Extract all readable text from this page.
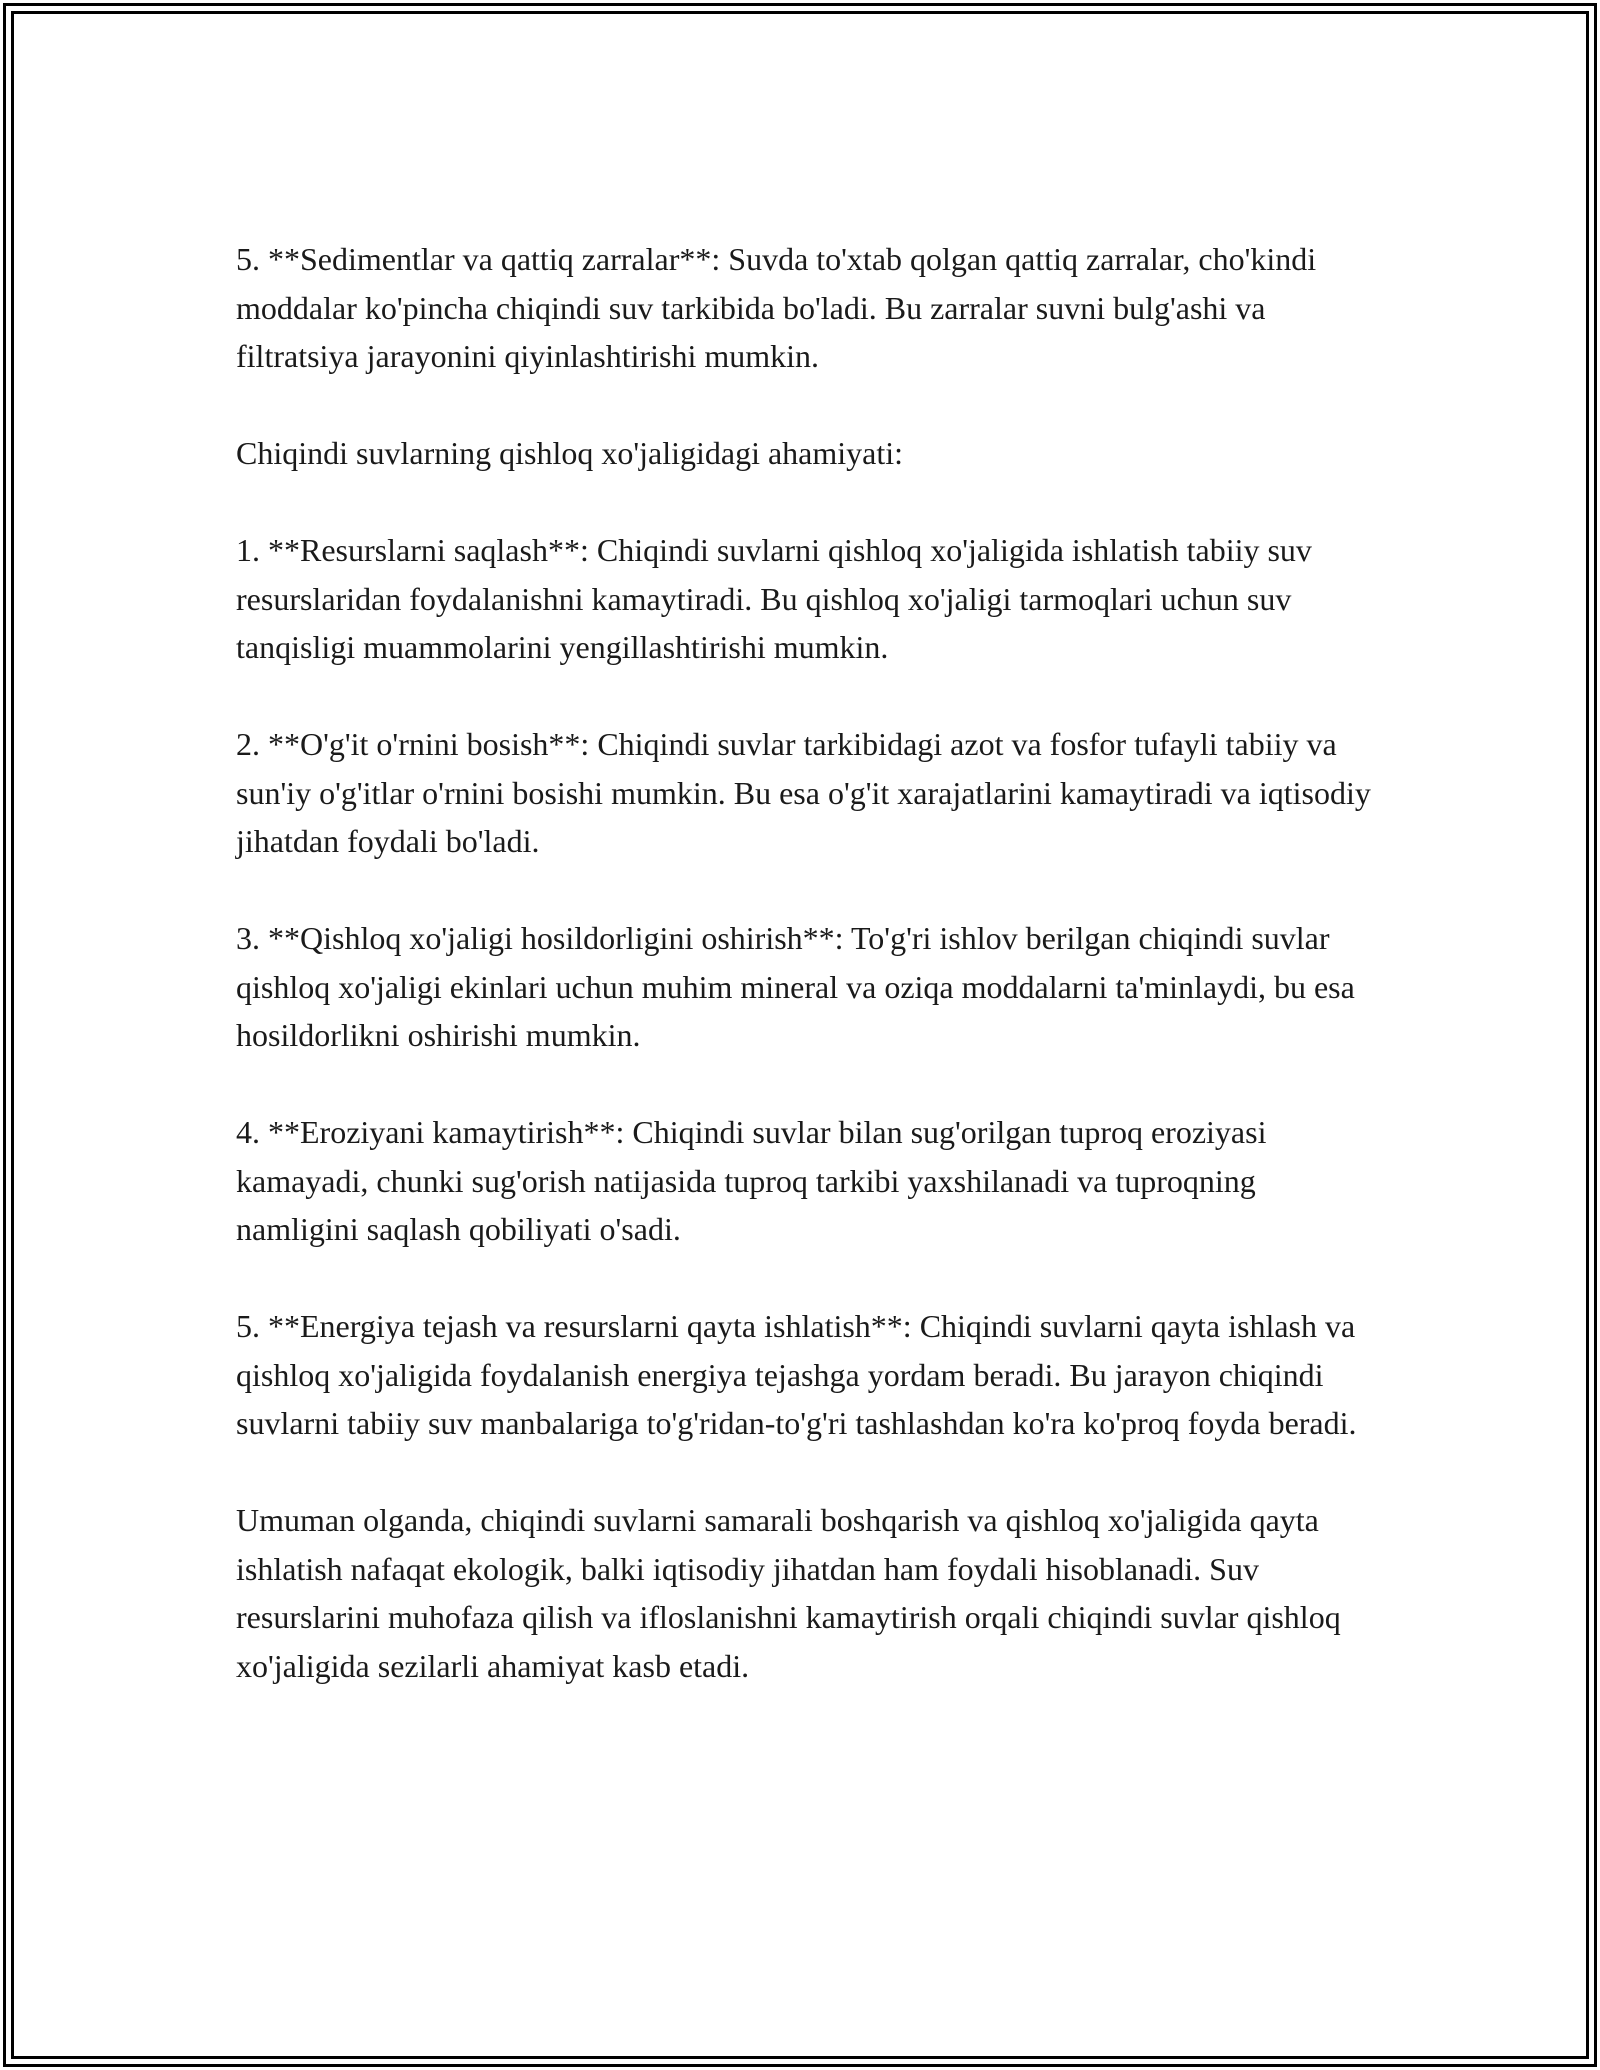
5. **Sedimentlar va qattiq zarralar**: Suvda to'xtab qolgan qattiq zarralar, cho'kindi moddalar ko'pincha chiqindi suv tarkibida bo'ladi. Bu zarralar suvni bulg'ashi va filtratsiya jarayonini qiyinlashtirishi mumkin.

Chiqindi suvlarning qishloq xo'jaligidagi ahamiyati:

1. **Resurslarni saqlash**: Chiqindi suvlarni qishloq xo'jaligida ishlatish tabiiy suv resurslaridan foydalanishni kamaytiradi. Bu qishloq xo'jaligi tarmoqlari uchun suv tanqisligi muammolarini yengillashtirishi mumkin.

2. **O'g'it o'rnini bosish**: Chiqindi suvlar tarkibidagi azot va fosfor tufayli tabiiy va sun'iy o'g'itlar o'rnini bosishi mumkin. Bu esa o'g'it xarajatlarini kamaytiradi va iqtisodiy jihatdan foydali bo'ladi.

3. **Qishloq xo'jaligi hosildorligini oshirish**: To'g'ri ishlov berilgan chiqindi suvlar qishloq xo'jaligi ekinlari uchun muhim mineral va oziqa moddalarni ta'minlaydi, bu esa hosildorlikni oshirishi mumkin.

4. **Eroziyani kamaytirish**: Chiqindi suvlar bilan sug'orilgan tuproq eroziyasi kamayadi, chunki sug'orish natijasida tuproq tarkibi yaxshilanadi va tuproqning namligini saqlash qobiliyati o'sadi.

5. **Energiya tejash va resurslarni qayta ishlatish**: Chiqindi suvlarni qayta ishlash va qishloq xo'jaligida foydalanish energiya tejashga yordam beradi. Bu jarayon chiqindi suvlarni tabiiy suv manbalariga to'g'ridan-to'g'ri tashlashdan ko'ra ko'proq foyda beradi.

Umuman olganda, chiqindi suvlarni samarali boshqarish va qishloq xo'jaligida qayta ishlatish nafaqat ekologik, balki iqtisodiy jihatdan ham foydali hisoblanadi. Suv resurslarini muhofaza qilish va ifloslanishni kamaytirish orqali chiqindi suvlar qishloq xo'jaligida sezilarli ahamiyat kasb etadi.
